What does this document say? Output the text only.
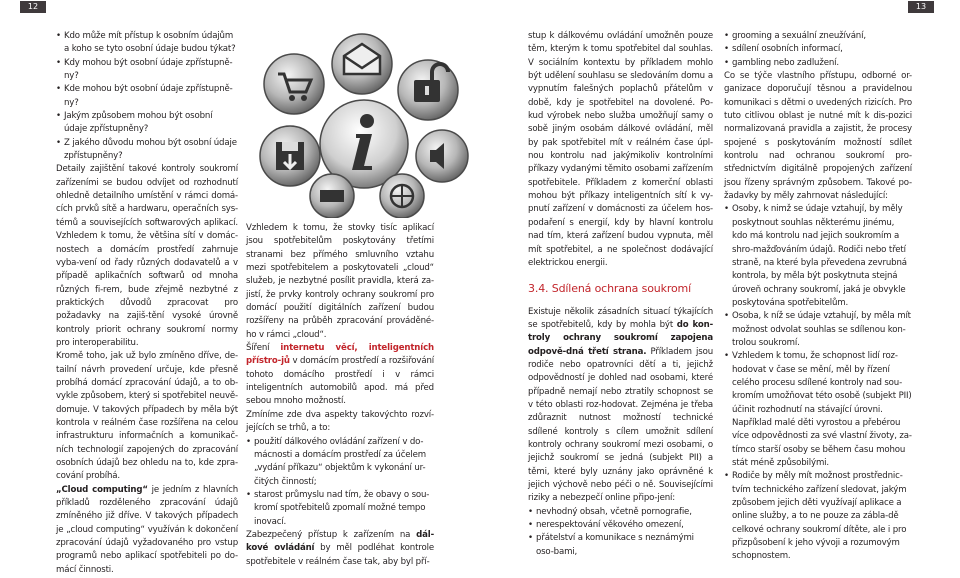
12	13
• Kdo může mít přístup k osobním údajům a koho se tyto osobní údaje budou týkat?
• Kdy mohou být osobní údaje zpřístupně-ny?
• Kde mohou být osobní údaje zpřístupně-ny?
• Jakým způsobem mohou být osobní údaje zpřístupněny?
• Z jakého důvodu mohou být osobní údaje zpřístupněny?

Detaily zajištění takové kontroly soukromí zařízeními se budou odvíjet od rozhodnutí ohledně detailního umístění v rámci domá-cích prvků sítě a hardwaru, operačních sys-témů a souvisejících softwarových aplikací. Vzhledem k tomu, že většina sítí v domác-nostech a domácím prostředí zahrnuje vyba-vení od řady různých dodavatelů a v případě aplikačních softwarů od mnoha různých fi-rem, bude zřejmě nezbytné z praktických důvodů zpracovat pro požadavky na zajiš-tění vysoké úrovně kontroly priorit ochrany soukromí normy pro interoperabilitu.

Kromě toho, jak už bylo zmíněno dříve, de-tailní návrh provedení určuje, kde přesně probíhá domácí zpracování údajů, a to ob-vykle způsobem, který si spotřebitel neuvě-domuje. V takových případech by měla být kontrola v reálném čase rozšířena na celou infrastrukturu informačních a komunikač-ních technologií zapojených do zpracování osobních údajů bez ohledu na to, kde zpra-cování probíhá.

„Cloud computing“ je jedním z hlavních příkladů rozděleného zpracování údajů zmíněného již dříve. V takových případech je „cloud computing“ využíván k dokončení zpracování údajů vyžadovaného pro vstup programů nebo aplikací spotřebiteli po do-mácí činnosti.

Vzhledem k tomu, že stovky tisíc aplikací jsou spotřebitelům poskytovány třetími stranami bez přímého smluvního vztahu mezi spotřebitelem a poskytovateli „cloud“ služeb, je nezbytné posílit pravidla, která za-jistí, že prvky kontroly ochrany soukromí pro domácí použití digitálních zařízení budou rozšířeny na průběh zpracování prováděné-ho v rámci „cloud“.

Šíření internetu věcí, inteligentních přístro-jů v domácím prostředí a rozšiřování tohoto domácího prostředí i v rámci inteligentních automobilů apod. má před sebou mnoho možností.

Zmíníme zde dva aspekty takovýchto rozví-jejících se trhů, a to:

• použití dálkového ovládání zařízení v do-mácnosti a domácím prostředí za účelem „vydání příkazu“ objektům k vykonání ur-čitých činností;
• starost průmyslu nad tím, že obavy o sou-kromí spotřebitelů zpomalí možné tempo inovací.

Zabezpečený přístup k zařízením na dál-kové ovládání by měl podléhat kontrole spotřebitele v reálném čase tak, aby byl pří-

stup k dálkovému ovládání umožněn pouze těm, kterým k tomu spotřebitel dal souhlas. V sociálním kontextu by příkladem mohlo být udělení souhlasu se sledováním domu a vypnutím falešných poplachů přátelům v době, kdy je spotřebitel na dovolené. Po-kud výrobek nebo služba umožňují samy o sobě jiným osobám dálkové ovládání, měl by pak spotřebitel mít v reálném čase úpl-nou kontrolu nad jakýmikoliv kontrolními příkazy vydanými těmito osobami zařízením spotřebitele. Příkladem z komerční oblasti mohou být příkazy inteligentních sítí k vy-pnutí zařízení v domácnosti za účelem hos-podaření s energií, kdy by hlavní kontrolu nad tím, která zařízení budou vypnuta, měl mít spotřebitel, a ne společnost dodávající elektrickou energii.

3.4. Sdílená ochrana soukromí

Existuje několik zásadních situací týkajících se spotřebitelů, kdy by mohla být do kon-troly ochrany soukromí zapojena odpově-dná třetí strana. Příkladem jsou rodiče nebo opatrovníci dětí a ti, jejichž odpovědností je dohled nad osobami, které případně nemají nebo ztratily schopnost se v této oblasti roz-hodovat. Zejména je třeba zdůraznit nutnost možností technické sdílené kontroly s cílem umožnit sdílení kontroly ochrany soukromí mezi osobami, o jejichž soukromí se jedná (subjekt PII) a těmi, které byly uznány jako oprávněné k jejich výchově nebo péči o ně. Souvisejícími riziky a nebezpečí online připo-jení:

• nevhodný obsah, včetně pornografie,
• nerespektování věkového omezení,
• přátelství a komunikace s neznámými oso-bami,
• grooming a sexuální zneužívání,
• sdílení osobních informací,
• gambling nebo zadlužení.

Co se týče vlastního přístupu, odborné or-ganizace doporučují těsnou a pravidelnou komunikaci s dětmi o uvedených rizicích. Pro tuto citlivou oblast je nutné mít k dis-pozici normalizovaná pravidla a zajistit, že procesy spojené s poskytováním možností sdílet kontrolu nad ochranou soukromí pro-střednictvím digitálně propojených zařízení jsou řízeny správným způsobem. Takové po-žadavky by měly zahrnovat následující:

• Osoby, k nimž se údaje vztahují, by měly poskytnout souhlas některému jinému, kdo má kontrolu nad jejich soukromím a shro-mažďováním údajů. Rodiči nebo třetí straně, na které byla převedena zevrubná kontrola, by měla být poskytnuta stejná úroveň ochrany soukromí, jaká je obvykle poskytována spotřebitelům.
• Osoba, k níž se údaje vztahují, by měla mít možnost odvolat souhlas se sdílenou kon-trolou soukromí.
• Vzhledem k tomu, že schopnost lidí roz-hodovat v čase se mění, měl by řízení celého procesu sdílené kontroly nad sou-kromím umožňovat této osobě (subjekt PII) účinit rozhodnutí na stávající úrovni. Například malé děti vyrostou a přebérou více odpovědnosti za své vlastní životy, za-tímco starší osoby se během času mohou stát méně způsobilými.
• Rodiče by měly mít možnost prostřednic-tvím technického zařízení sledovat, jakým způsobem jejich děti využívají aplikace a online služby, a to ne pouze za zábla-dě celkové ochrany soukromí dítěte, ale i pro přizpůsobení k jeho vývoji a rozumovým schopnostem.
